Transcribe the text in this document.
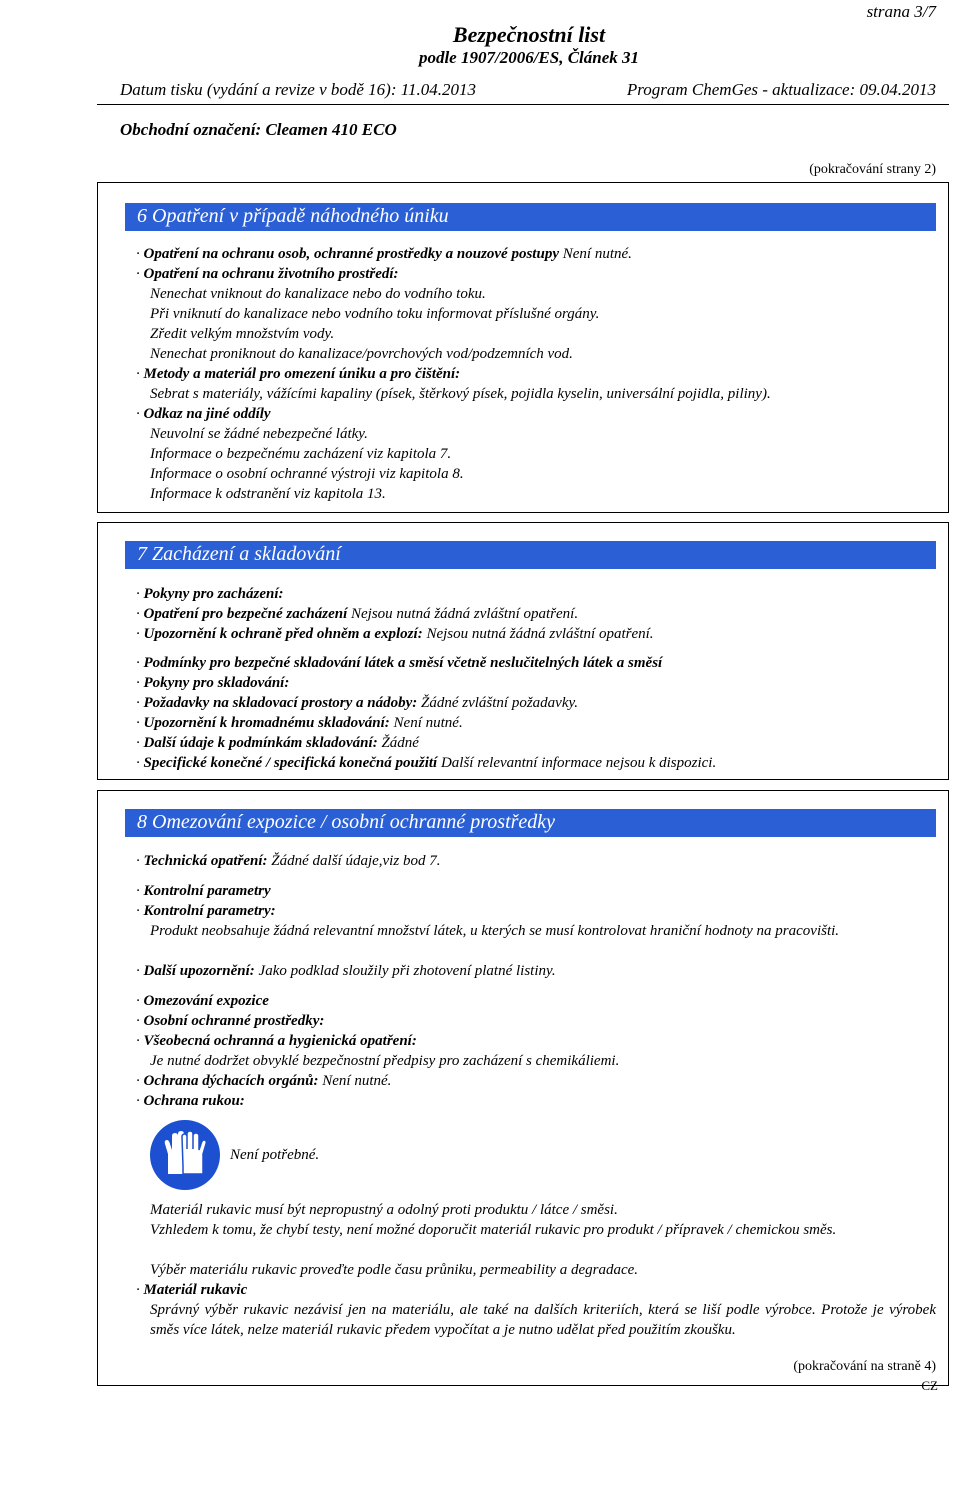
strana 3/7
Bezpečnostní list
podle 1907/2006/ES, Článek 31
Datum tisku (vydání a revize v bodě 16): 11.04.2013	Program ChemGes - aktualizace: 09.04.2013
Obchodní označení: Cleamen 410 ECO
(pokračování strany 2)
6 Opatření v případě náhodného úniku
· Opatření na ochranu osob, ochranné prostředky a nouzové postupy Není nutné.
· Opatření na ochranu životního prostředí:
Nenechat vniknout do kanalizace nebo do vodního toku.
Při vniknutí do kanalizace nebo vodního toku informovat příslušné orgány.
Zředit velkým množstvím vody.
Nenechat proniknout do kanalizace/povrchových vod/podzemních vod.
· Metody a materiál pro omezení úniku a pro čištění:
Sebrat s materiály, vážícími kapaliny (písek, štěrkový písek, pojidla kyselin, universální pojidla, piliny).
· Odkaz na jiné oddíly
Neuvolní se žádné nebezpečné látky.
Informace o bezpečnému zacházení viz kapitola 7.
Informace o osobní ochranné výstroji viz kapitola 8.
Informace k odstranění viz kapitola 13.
7 Zacházení a skladování
· Pokyny pro zacházení:
· Opatření pro bezpečné zacházení Nejsou nutná žádná zvláštní opatření.
· Upozornění k ochraně před ohněm a explozí: Nejsou nutná žádná zvláštní opatření.
· Podmínky pro bezpečné skladování látek a směsí včetně neslučitelných látek a směsí
· Pokyny pro skladování:
· Požadavky na skladovací prostory a nádoby: Žádné zvláštní požadavky.
· Upozornění k hromadnému skladování: Není nutné.
· Další údaje k podmínkám skladování: Žádné
· Specifické konečné / specifická konečná použití Další relevantní informace nejsou k dispozici.
8 Omezování expozice / osobní ochranné prostředky
· Technická opatření: Žádné další údaje,viz bod 7.
· Kontrolní parametry
· Kontrolní parametry:
Produkt neobsahuje žádná relevantní množství látek, u kterých se musí kontrolovat hraniční hodnoty na pracovišti.
· Další upozornění: Jako podklad sloužily při zhotovení platné listiny.
· Omezování expozice
· Osobní ochranné prostředky:
· Všeobecná ochranná a hygienická opatření:
Je nutné dodržet obvyklé bezpečnostní předpisy pro zacházení s chemikáliemi.
· Ochrana dýchacích orgánů: Není nutné.
· Ochrana rukou:
Není potřebné.
Materiál rukavic musí být nepropustný a odolný proti produktu / látce / směsi.
Vzhledem k tomu, že chybí testy, není možné doporučit materiál rukavic pro produkt / přípravek / chemickou směs.
Výběr materiálu rukavic proveďte podle času průniku, permeability a degradace.
· Materiál rukavic
Správný výběr rukavic nezávisí jen na materiálu, ale také na dalších kriteriích, která se liší podle výrobce. Protože je výrobek směs více látek, nelze materiál rukavic předem vypočítat a je nutno udělat před použitím zkoušku.
(pokračování na straně 4)
CZ
